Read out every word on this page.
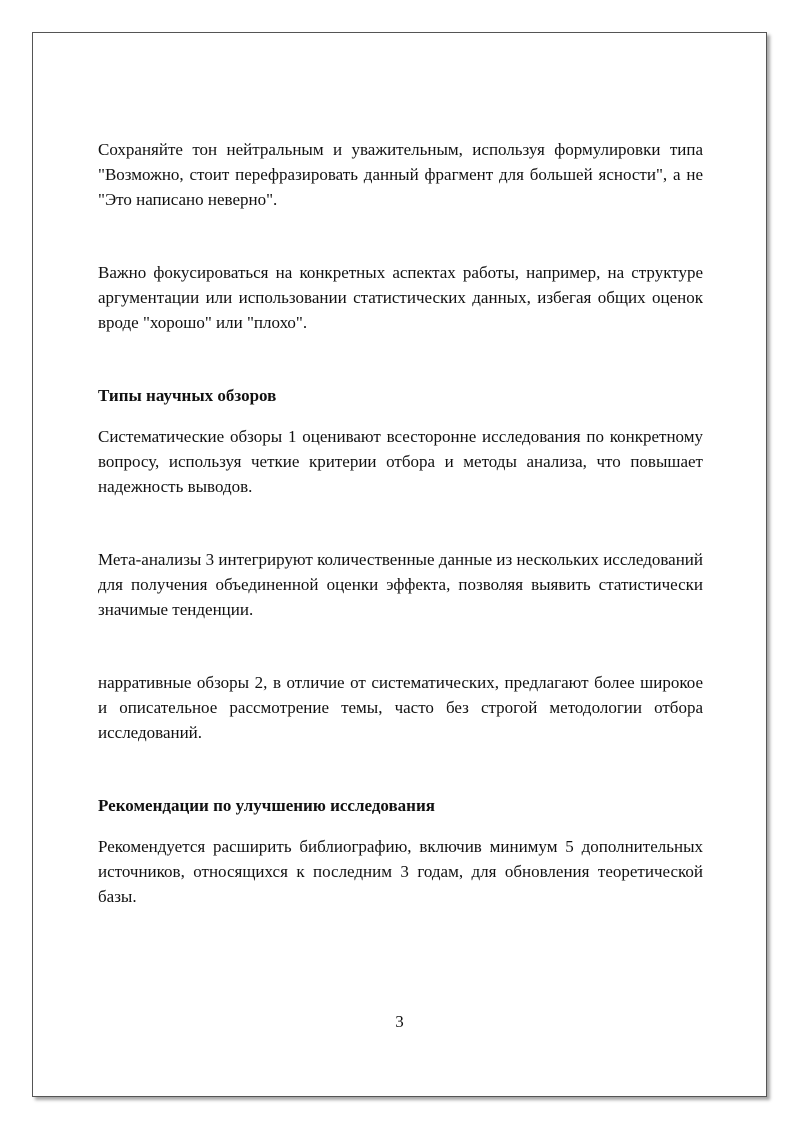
Сохраняйте тон нейтральным и уважительным, используя формулировки типа "Возможно, стоит перефразировать данный фрагмент для большей ясности", а не "Это написано неверно".

Важно фокусироваться на конкретных аспектах работы, например, на структуре аргументации или использовании статистических данных, избегая общих оценок вроде "хорошо" или "плохо".

Типы научных обзоров

Систематические обзоры 1 оценивают всесторонне исследования по конкретному вопросу, используя четкие критерии отбора и методы анализа, что повышает надежность выводов.

Мета-анализы 3 интегрируют количественные данные из нескольких исследований для получения объединенной оценки эффекта, позволяя выявить статистически значимые тенденции.

нарративные обзоры 2, в отличие от систематических, предлагают более широкое и описательное рассмотрение темы, часто без строгой методологии отбора исследований.

Рекомендации по улучшению исследования

Рекомендуется расширить библиографию, включив минимум 5 дополнительных источников, относящихся к последним 3 годам, для обновления теоретической базы.

3
